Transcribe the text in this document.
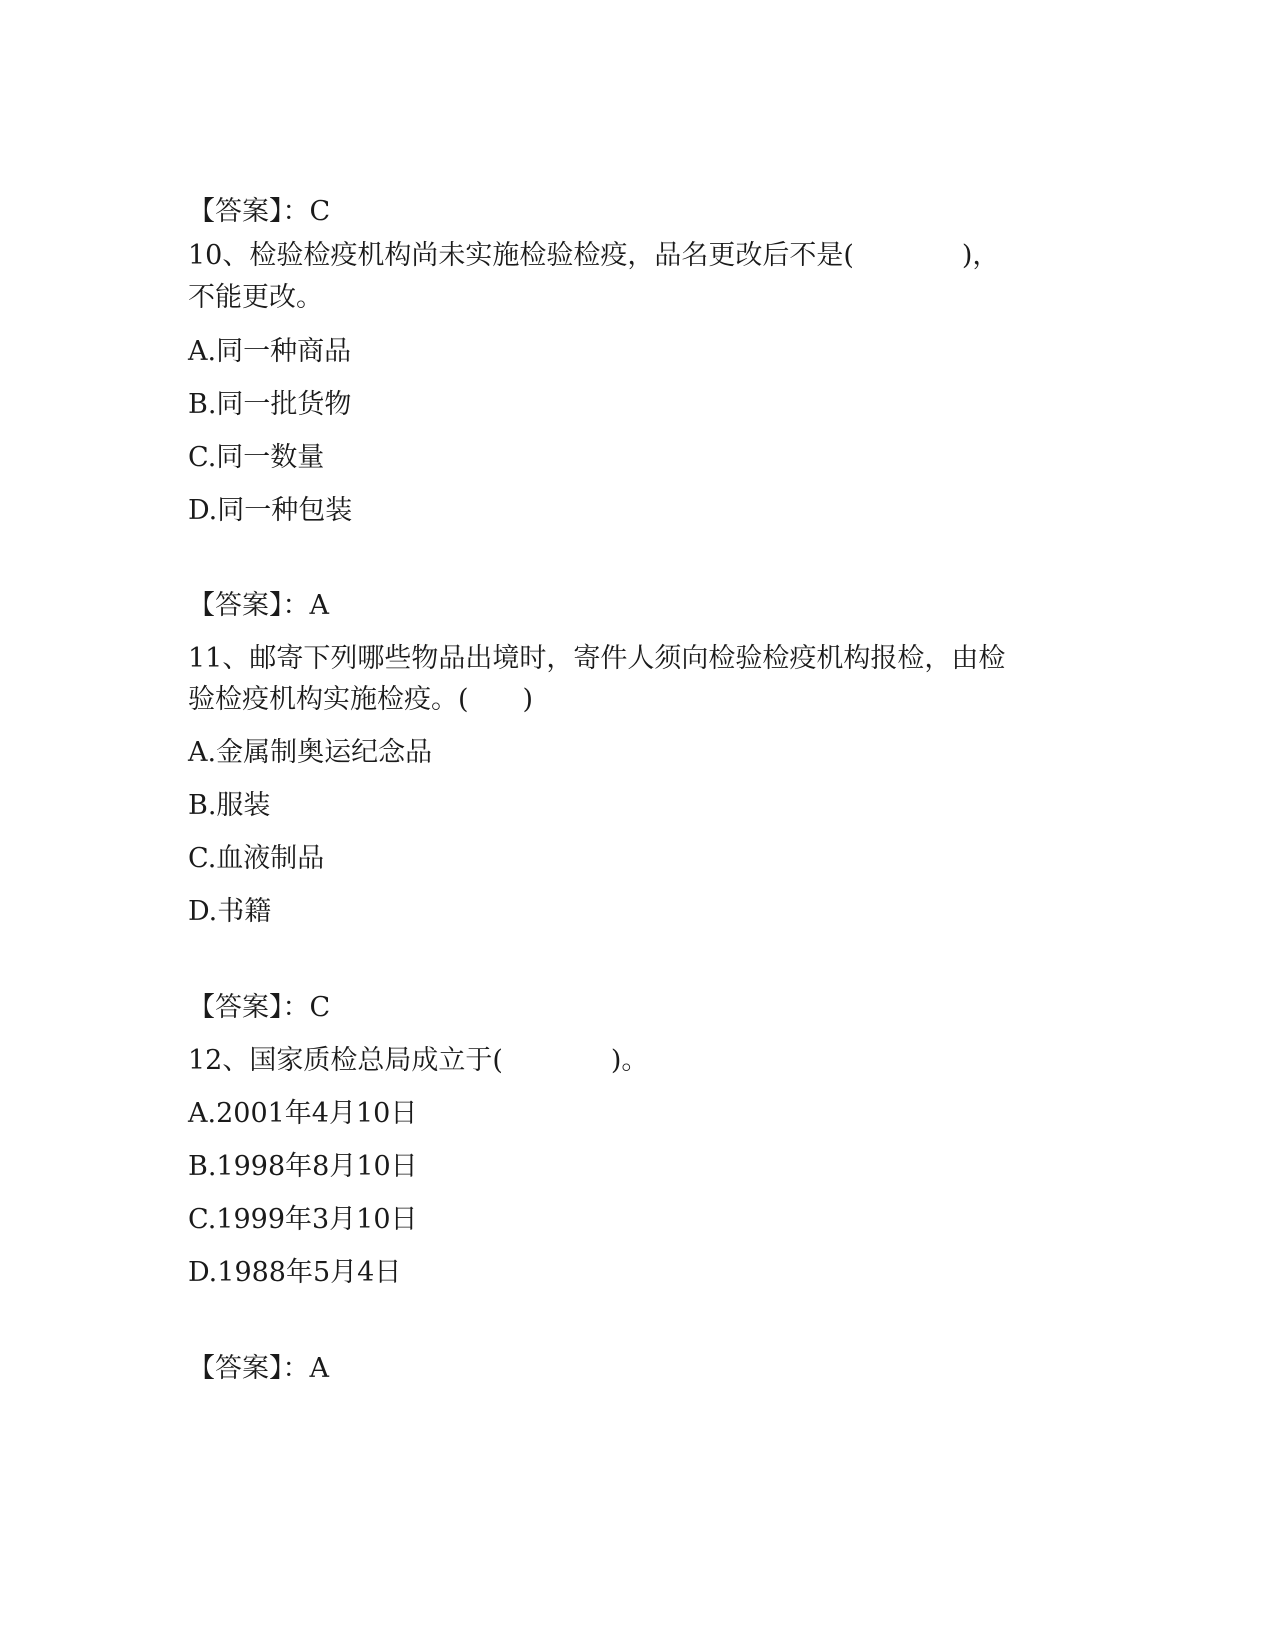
【答案】：C

10、检验检疫机构尚未实施检验检疫，品名更改后不是(　　　　)，

不能更改。

A.同一种商品

B.同一批货物

C.同一数量

D.同一种包装

【答案】：A

11、邮寄下列哪些物品出境时，寄件人须向检验检疫机构报检，由检

验检疫机构实施检疫。(　　)

A.金属制奥运纪念品

B.服装

C.血液制品

D.书籍

【答案】：C

12、国家质检总局成立于(　　　　)。

A.2001年4月10日

B.1998年8月10日

C.1999年3月10日

D.1988年5月4日

【答案】：A
